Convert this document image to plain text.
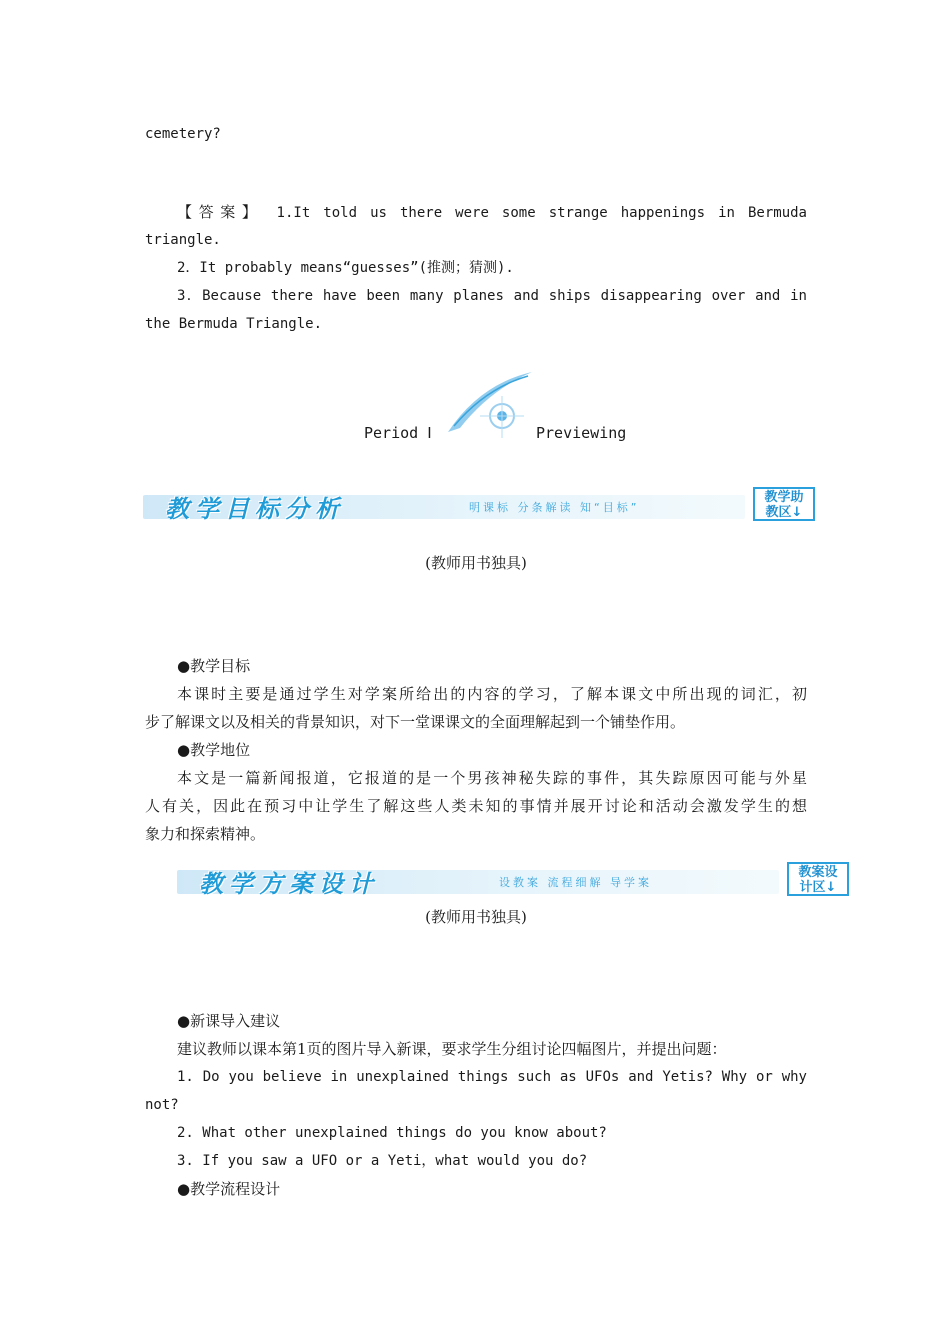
cemetery?
【答案】 1.It told us there were some strange happenings in Bermuda
triangle.
2．It probably means“guesses”(推测；猜测).
3．Because there have been many planes and ships disappearing over and in
the Bermuda Triangle.
Period Ⅰ	Previewing
教学目标分析	明课标 分条解读 知“目标”
教学助
教区↓
(教师用书独具)
●教学目标
本课时主要是通过学生对学案所给出的内容的学习，了解本课文中所出现的词汇，初
步了解课文以及相关的背景知识，对下一堂课课文的全面理解起到一个铺垫作用。
●教学地位
本文是一篇新闻报道，它报道的是一个男孩神秘失踪的事件，其失踪原因可能与外星
人有关，因此在预习中让学生了解这些人类未知的事情并展开讨论和活动会激发学生的想
象力和探索精神。
教学方案设计	设教案 流程细解 导学案
教案设
计区↓
(教师用书独具)
●新课导入建议
建议教师以课本第1页的图片导入新课，要求学生分组讨论四幅图片，并提出问题：
1. Do you believe in unexplained things such as UFOs and Yetis? Why or why
not?
2. What other unexplained things do you know about?
3. If you saw a UFO or a Yeti，what would you do?
●教学流程设计
